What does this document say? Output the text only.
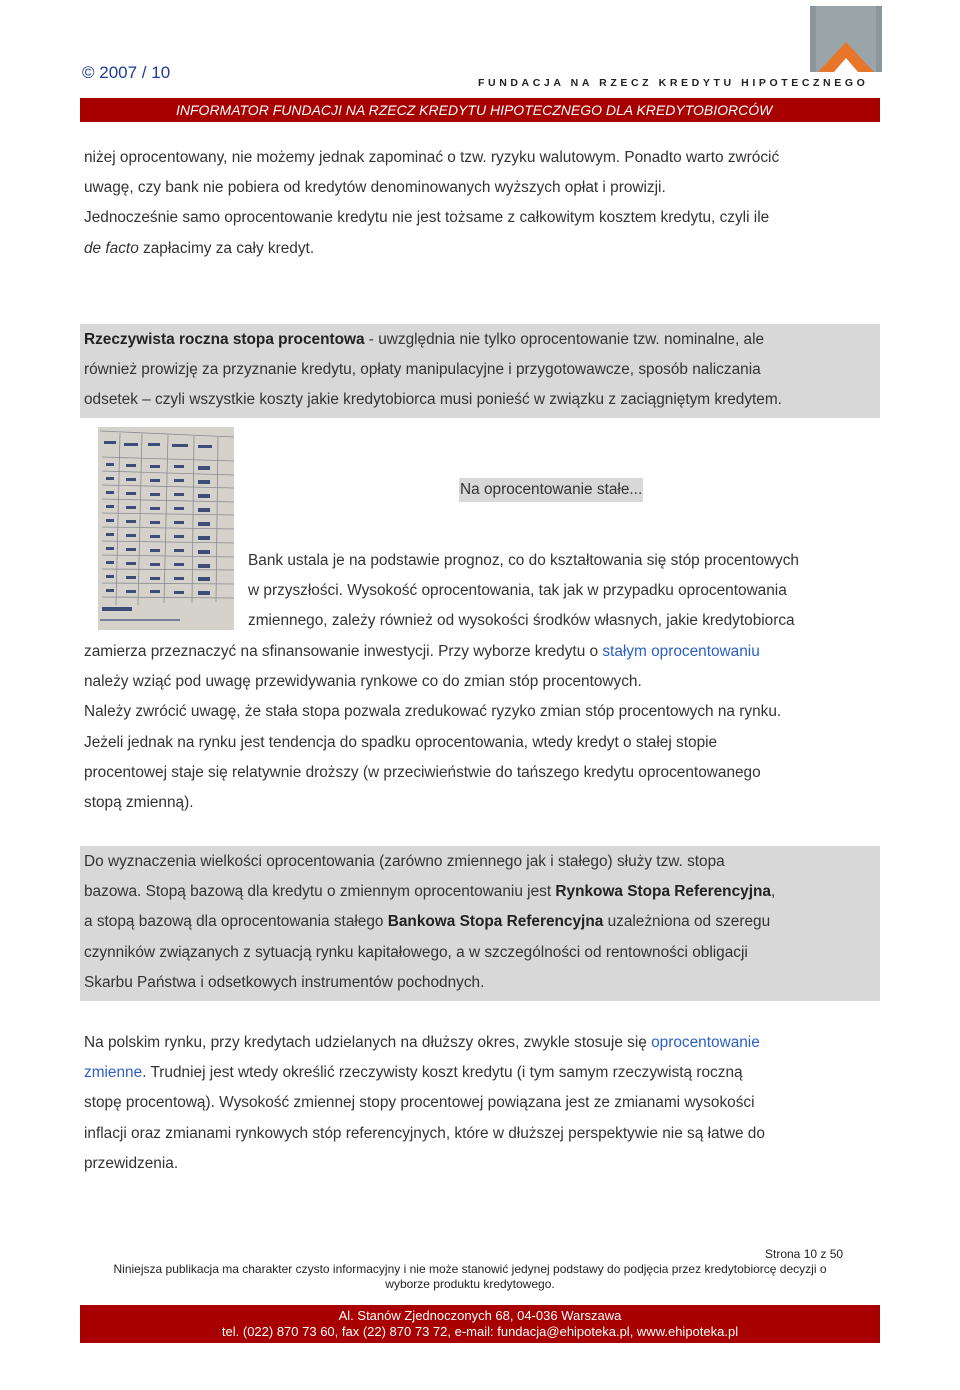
© 2007 / 10
FUNDACJA NA RZECZ KREDYTU HIPOTECZNEGO
INFORMATOR FUNDACJI NA RZECZ KREDYTU HIPOTECZNEGO DLA KREDYTOBIORCÓW
niżej oprocentowany, nie możemy jednak zapominać o tzw. ryzyku walutowym. Ponadto warto zwrócić
uwagę, czy bank nie pobiera od kredytów denominowanych wyższych opłat i prowizji.
Jednocześnie samo oprocentowanie kredytu nie jest tożsame z całkowitym kosztem kredytu, czyli ile
de facto zapłacimy za cały kredyt.
Rzeczywista roczna stopa procentowa - uwzględnia nie tylko oprocentowanie tzw. nominalne, ale
również prowizję za przyznanie kredytu, opłaty manipulacyjne i przygotowawcze, sposób naliczania
odsetek – czyli wszystkie koszty jakie kredytobiorca musi ponieść w związku z zaciągniętym kredytem.
Na oprocentowanie stałe...
Bank ustala je na podstawie prognoz, co do kształtowania się stóp procentowych
w przyszłości. Wysokość oprocentowania, tak jak w przypadku oprocentowania
zmiennego, zależy również od wysokości środków własnych, jakie kredytobiorca
zamierza przeznaczyć na sfinansowanie inwestycji. Przy wyborze kredytu o stałym oprocentowaniu
należy wziąć pod uwagę przewidywania rynkowe co do zmian stóp procentowych.
Należy zwrócić uwagę, że stała stopa pozwala zredukować ryzyko zmian stóp procentowych na rynku.
Jeżeli jednak na rynku jest tendencja do spadku oprocentowania, wtedy kredyt o stałej stopie
procentowej staje się relatywnie droższy (w przeciwieństwie do tańszego kredytu oprocentowanego
stopą zmienną).
Do wyznaczenia wielkości oprocentowania (zarówno zmiennego jak i stałego) służy tzw. stopa
bazowa. Stopą bazową dla kredytu o zmiennym oprocentowaniu jest Rynkowa Stopa Referencyjna,
a stopą bazową dla oprocentowania stałego Bankowa Stopa Referencyjna uzależniona od szeregu
czynników związanych z sytuacją rynku kapitałowego, a w szczególności od rentowności obligacji
Skarbu Państwa i odsetkowych instrumentów pochodnych.
Na polskim rynku, przy kredytach udzielanych na dłuższy okres, zwykle stosuje się oprocentowanie
zmienne. Trudniej jest wtedy określić rzeczywisty koszt kredytu (i tym samym rzeczywistą roczną
stopę procentową). Wysokość zmiennej stopy procentowej powiązana jest ze zmianami wysokości
inflacji oraz zmianami rynkowych stóp referencyjnych, które w dłuższej perspektywie nie są łatwe do
przewidzenia.
Strona 10 z 50
Niniejsza publikacja ma charakter czysto informacyjny i nie może stanowić jedynej podstawy do podjęcia przez kredytobiorcę decyzji o
wyborze produktu kredytowego.
Al. Stanów Zjednoczonych 68, 04-036 Warszawa
tel. (022) 870 73 60, fax (22) 870 73 72, e-mail: fundacja@ehipoteka.pl, www.ehipoteka.pl
